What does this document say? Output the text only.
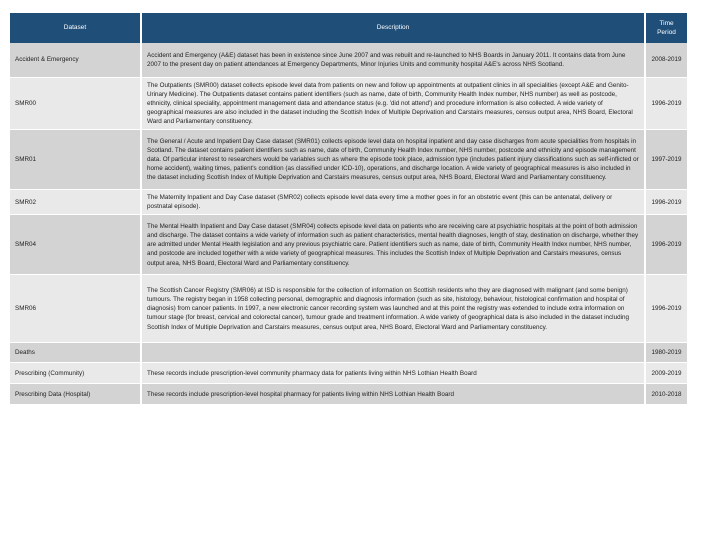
Dataset	Description	Time Period
Accident & Emergency	Accident and Emergency (A&E) dataset has been in existence since June 2007 and was rebuilt and re-launched to NHS Boards in January 2011. It contains data from June 2007 to the present day on patient attendances at Emergency Departments, Minor Injuries Units and community hospital A&E's across NHS Scotland.	2008-2019
SMR00	The Outpatients (SMR00) dataset collects episode level data from patients on new and follow up appointments at outpatient clinics in all specialities (except A&E and Genito-Urinary Medicine). The Outpatients dataset contains patient identifiers (such as name, date of birth, Community Health Index number, NHS number) as well as postcode, ethnicity, clinical speciality, appointment management data and attendance status (e.g. 'did not attend') and procedure information is also collected. A wide variety of geographical measures are also included in the dataset including the Scottish Index of Multiple Deprivation and Carstairs measures, census output area, NHS Board, Electoral Ward and Parliamentary constituency.	1996-2019
SMR01	The General / Acute and Inpatient Day Case dataset (SMR01) collects episode level data on hospital inpatient and day case discharges from acute specialities from hospitals in Scotland. The dataset contains patient identifiers such as name, date of birth, Community Health Index number, NHS number, postcode and ethnicity and episode management data. Of particular interest to researchers would be variables such as where the episode took place, admission type (includes patient injury classifications such as self-inflicted or home accident), waiting times, patient's condition (as classified under ICD-10), operations, and discharge location. A wide variety of geographical measures is also included in the dataset including Scottish Index of Multiple Deprivation and Carstairs measures, census output area, NHS Board, Electoral Ward and Parliamentary constituency.	1997-2019
SMR02	The Maternity Inpatient and Day Case dataset (SMR02) collects episode level data every time a mother goes in for an obstetric event (this can be antenatal, delivery or postnatal episode).	1996-2019
SMR04	The Mental Health Inpatient and Day Case dataset (SMR04) collects episode level data on patients who are receiving care at psychiatric hospitals at the point of both admission and discharge. The dataset contains a wide variety of information such as patient characteristics, mental health diagnoses, length of stay, destination on discharge, whether they are admitted under Mental Health legislation and any previous psychiatric care. Patient identifiers such as name, date of birth, Community Health Index number, NHS number, and postcode are included together with a wide variety of geographical measures. This includes the Scottish Index of Multiple Deprivation and Carstairs measures, census output area, NHS Board, Electoral Ward and Parliamentary constituency.	1996-2019
SMR06	The Scottish Cancer Registry (SMR06) at ISD is responsible for the collection of information on Scottish residents who they are diagnosed with malignant (and some benign) tumours. The registry began in 1958 collecting personal, demographic and diagnosis information (such as site, histology, behaviour, histological confirmation and hospital of diagnosis) from cancer patients. In 1997, a new electronic cancer recording system was launched and at this point the registry was extended to include extra information on tumour stage (for breast, cervical and colorectal cancer), tumour grade and treatment information. A wide variety of geographical data is also included in the dataset including Scottish Index of Multiple Deprivation and Carstairs measures, census output area, NHS Board, Electoral Ward and Parliamentary constituency.	1996-2019
Deaths		1980-2019
Prescribing (Community)	These records include prescription-level community pharmacy data for patients living within NHS Lothian Health Board	2009-2019
Prescribing Data (Hospital)	These records include prescription-level hospital pharmacy for patients living within NHS Lothian Health Board	2010-2018
